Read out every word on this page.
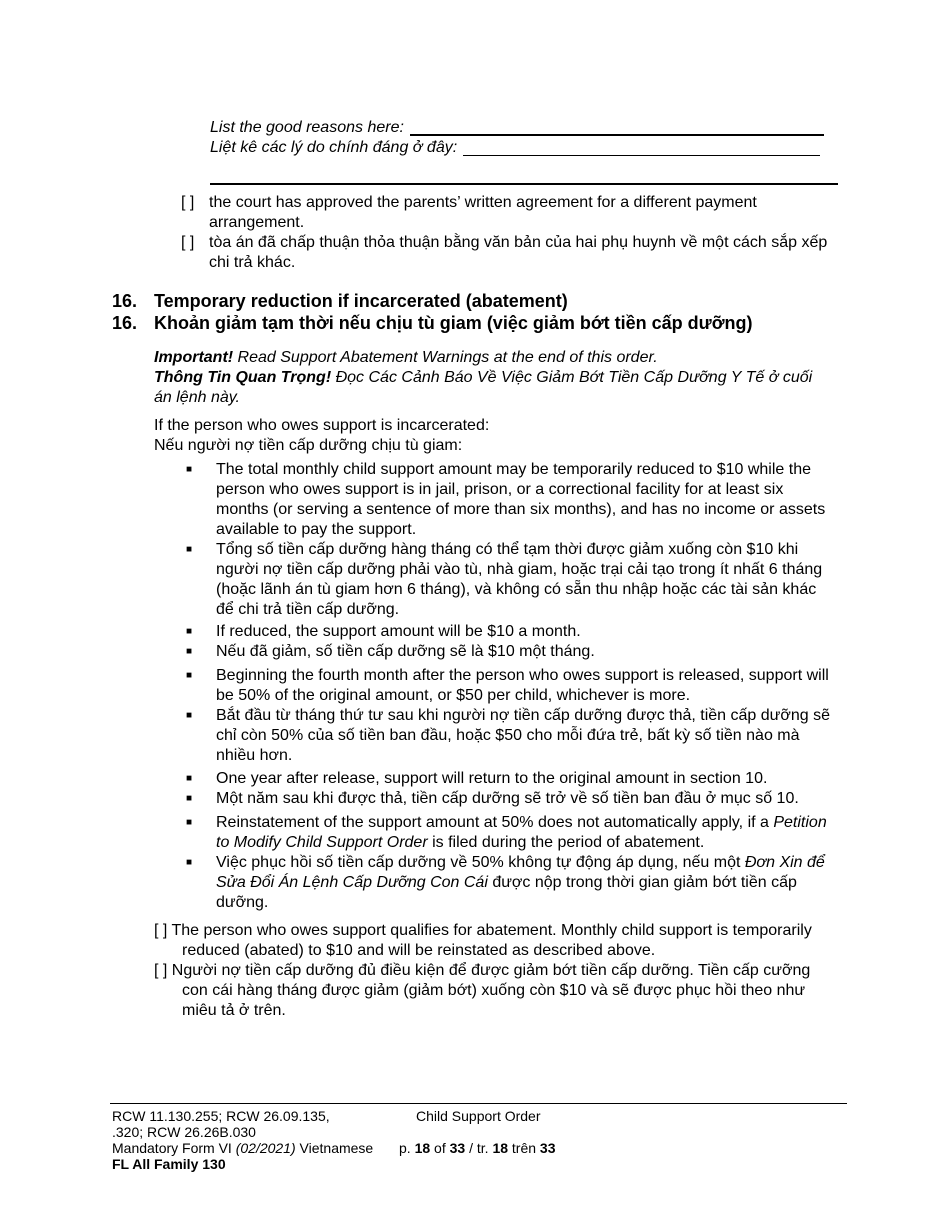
List the good reasons here:
Liệt kê các lý do chính đáng ở đây:
[ ] the court has approved the parents’ written agreement for a different payment arrangement.
[ ] tòa án đã chấp thuận thỏa thuận bằng văn bản của hai phụ huynh về một cách sắp xếp chi trả khác.
16. Temporary reduction if incarcerated (abatement)
16. Khoản giảm tạm thời nếu chịu tù giam (việc giảm bớt tiền cấp dưỡng)
Important! Read Support Abatement Warnings at the end of this order.
Thông Tin Quan Trọng! Đọc Các Cảnh Báo Về Việc Giảm Bớt Tiền Cấp Dưỡng Y Tế ở cuối án lệnh này.
If the person who owes support is incarcerated:
Nếu người nợ tiền cấp dưỡng chịu tù giam:
■	The total monthly child support amount may be temporarily reduced to $10 while the person who owes support is in jail, prison, or a correctional facility for at least six months (or serving a sentence of more than six months), and has no income or assets available to pay the support.
■	Tổng số tiền cấp dưỡng hàng tháng có thể tạm thời được giảm xuống còn $10 khi người nợ tiền cấp dưỡng phải vào tù, nhà giam, hoặc trại cải tạo trong ít nhất 6 tháng (hoặc lãnh án tù giam hơn 6 tháng), và không có sẵn thu nhập hoặc các tài sản khác để chi trả tiền cấp dưỡng.
■	If reduced, the support amount will be $10 a month.
■	Nếu đã giảm, số tiền cấp dưỡng sẽ là $10 một tháng.
■	Beginning the fourth month after the person who owes support is released, support will be 50% of the original amount, or $50 per child, whichever is more.
■	Bắt đầu từ tháng thứ tư sau khi người nợ tiền cấp dưỡng được thả, tiền cấp dưỡng sẽ chỉ còn 50% của số tiền ban đầu, hoặc $50 cho mỗi đứa trẻ, bất kỳ số tiền nào mà nhiều hơn.
■	One year after release, support will return to the original amount in section 10.
■	Một năm sau khi được thả, tiền cấp dưỡng sẽ trở về số tiền ban đầu ở mục số 10.
■	Reinstatement of the support amount at 50% does not automatically apply, if a Petition to Modify Child Support Order is filed during the period of abatement.
■	Việc phục hồi số tiền cấp dưỡng về 50% không tự động áp dụng, nếu một Đơn Xin để Sửa Đổi Án Lệnh Cấp Dưỡng Con Cái được nộp trong thời gian giảm bớt tiền cấp dưỡng.
[ ] The person who owes support qualifies for abatement. Monthly child support is temporarily reduced (abated) to $10 and will be reinstated as described above.
[ ] Người nợ tiền cấp dưỡng đủ điều kiện để được giảm bớt tiền cấp dưỡng. Tiền cấp cưỡng con cái hàng tháng được giảm (giảm bớt) xuống còn $10 và sẽ được phục hồi theo như miêu tả ở trên.
RCW 11.130.255; RCW 26.09.135,
.320; RCW 26.26B.030
Mandatory Form VI (02/2021) Vietnamese
FL All Family 130
Child Support Order
p. 18 of 33 / tr. 18 trên 33
